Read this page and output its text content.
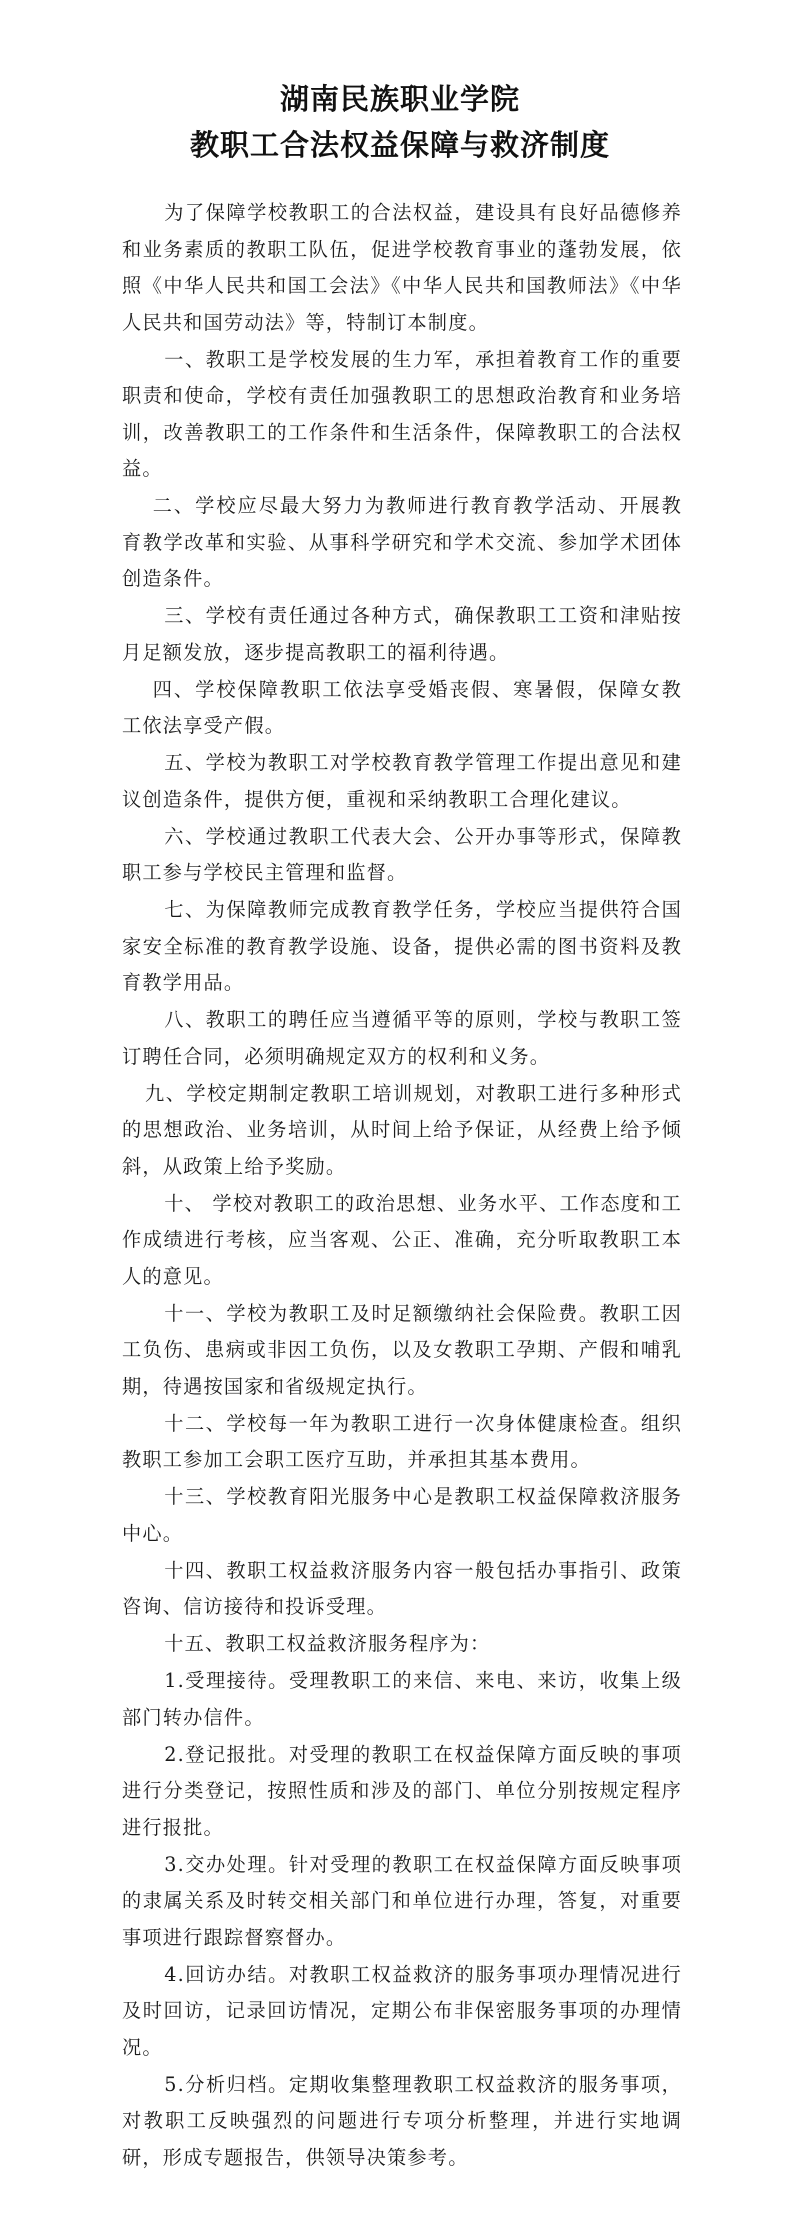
湖南民族职业学院
教职工合法权益保障与救济制度

为了保障学校教职工的合法权益，建设具有良好品德修养和业务素质的教职工队伍，促进学校教育事业的蓬勃发展，依照《中华人民共和国工会法》《中华人民共和国教师法》《中华人民共和国劳动法》等，特制订本制度。

一、教职工是学校发展的生力军，承担着教育工作的重要职责和使命，学校有责任加强教职工的思想政治教育和业务培训，改善教职工的工作条件和生活条件，保障教职工的合法权益。

二、学校应尽最大努力为教师进行教育教学活动、开展教育教学改革和实验、从事科学研究和学术交流、参加学术团体创造条件。

三、学校有责任通过各种方式，确保教职工工资和津贴按月足额发放，逐步提高教职工的福利待遇。

四、学校保障教职工依法享受婚丧假、寒暑假，保障女教工依法享受产假。

五、学校为教职工对学校教育教学管理工作提出意见和建议创造条件，提供方便，重视和采纳教职工合理化建议。

六、学校通过教职工代表大会、公开办事等形式，保障教职工参与学校民主管理和监督。

七、为保障教师完成教育教学任务，学校应当提供符合国家安全标准的教育教学设施、设备，提供必需的图书资料及教育教学用品。

八、教职工的聘任应当遵循平等的原则，学校与教职工签订聘任合同，必须明确规定双方的权利和义务。

九、学校定期制定教职工培训规划，对教职工进行多种形式的思想政治、业务培训，从时间上给予保证，从经费上给予倾斜，从政策上给予奖励。

十、 学校对教职工的政治思想、业务水平、工作态度和工作成绩进行考核，应当客观、公正、准确，充分听取教职工本人的意见。

十一、学校为教职工及时足额缴纳社会保险费。教职工因工负伤、患病或非因工负伤，以及女教职工孕期、产假和哺乳期，待遇按国家和省级规定执行。

十二、学校每一年为教职工进行一次身体健康检查。组织教职工参加工会职工医疗互助，并承担其基本费用。

十三、学校教育阳光服务中心是教职工权益保障救济服务中心。

十四、教职工权益救济服务内容一般包括办事指引、政策咨询、信访接待和投诉受理。

十五、教职工权益救济服务程序为：

1.受理接待。受理教职工的来信、来电、来访，收集上级部门转办信件。

2.登记报批。对受理的教职工在权益保障方面反映的事项进行分类登记，按照性质和涉及的部门、单位分别按规定程序进行报批。

3.交办处理。针对受理的教职工在权益保障方面反映事项的隶属关系及时转交相关部门和单位进行办理，答复，对重要事项进行跟踪督察督办。

4.回访办结。对教职工权益救济的服务事项办理情况进行及时回访，记录回访情况，定期公布非保密服务事项的办理情况。

5.分析归档。定期收集整理教职工权益救济的服务事项，对教职工反映强烈的问题进行专项分析整理，并进行实地调研，形成专题报告，供领导决策参考。
